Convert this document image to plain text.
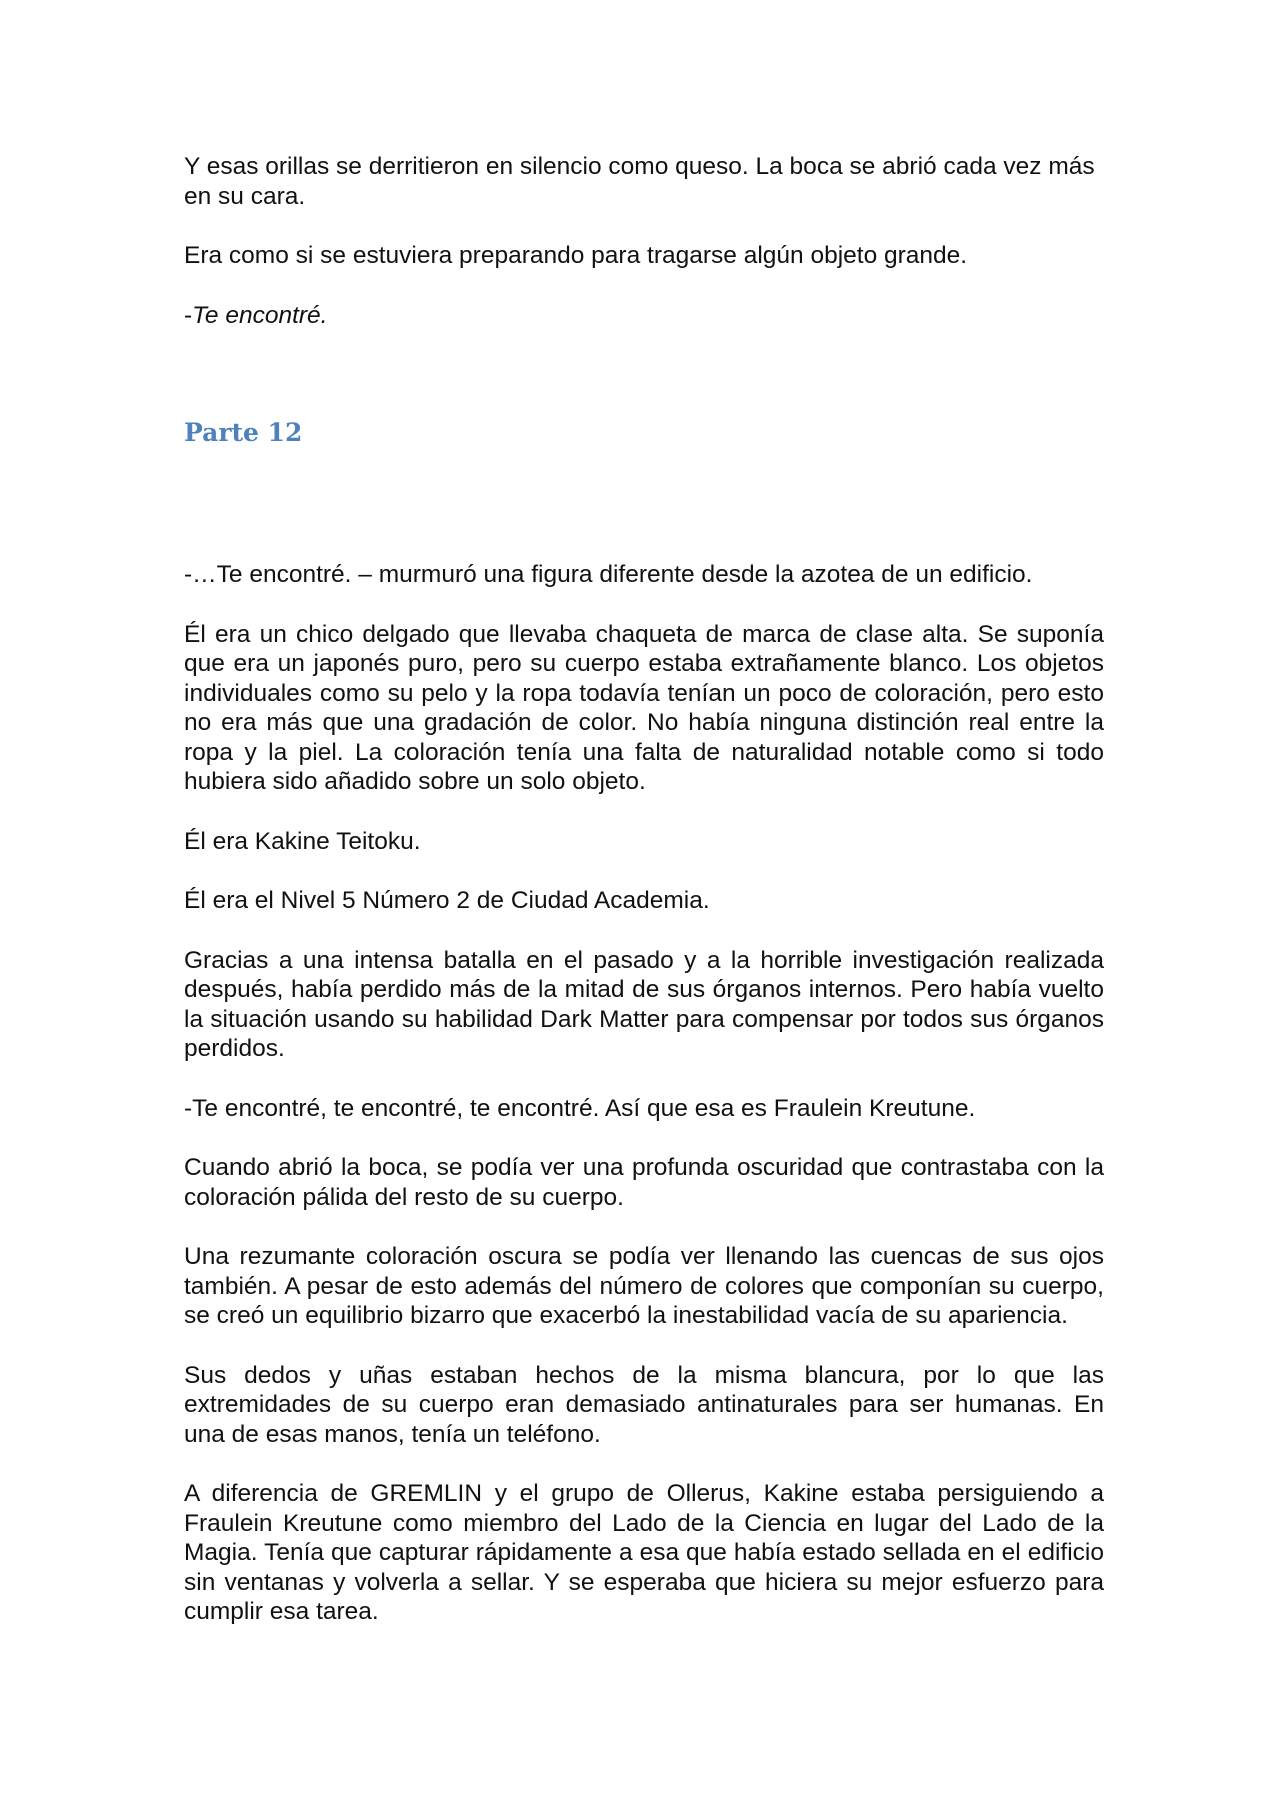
Y esas orillas se derritieron en silencio como queso. La boca se abrió cada vez más en su cara.

Era como si se estuviera preparando para tragarse algún objeto grande.

-Te encontré.

Parte 12

-…Te encontré. – murmuró una figura diferente desde la azotea de un edificio.

Él era un chico delgado que llevaba chaqueta de marca de clase alta. Se suponía que era un japonés puro, pero su cuerpo estaba extrañamente blanco. Los objetos individuales como su pelo y la ropa todavía tenían un poco de coloración, pero esto no era más que una gradación de color. No había ninguna distinción real entre la ropa y la piel. La coloración tenía una falta de naturalidad notable como si todo hubiera sido añadido sobre un solo objeto.

Él era Kakine Teitoku.

Él era el Nivel 5 Número 2 de Ciudad Academia.

Gracias a una intensa batalla en el pasado y a la horrible investigación realizada después, había perdido más de la mitad de sus órganos internos. Pero había vuelto la situación usando su habilidad Dark Matter para compensar por todos sus órganos perdidos.

-Te encontré, te encontré, te encontré. Así que esa es Fraulein Kreutune.

Cuando abrió la boca, se podía ver una profunda oscuridad que contrastaba con la coloración pálida del resto de su cuerpo.

Una rezumante coloración oscura se podía ver llenando las cuencas de sus ojos también. A pesar de esto además del número de colores que componían su cuerpo, se creó un equilibrio bizarro que exacerbó la inestabilidad vacía de su apariencia.

Sus dedos y uñas estaban hechos de la misma blancura, por lo que las extremidades de su cuerpo eran demasiado antinaturales para ser humanas. En una de esas manos, tenía un teléfono.

A diferencia de GREMLIN y el grupo de Ollerus, Kakine estaba persiguiendo a Fraulein Kreutune como miembro del Lado de la Ciencia en lugar del Lado de la Magia. Tenía que capturar rápidamente a esa que había estado sellada en el edificio sin ventanas y volverla a sellar. Y se esperaba que hiciera su mejor esfuerzo para cumplir esa tarea.
